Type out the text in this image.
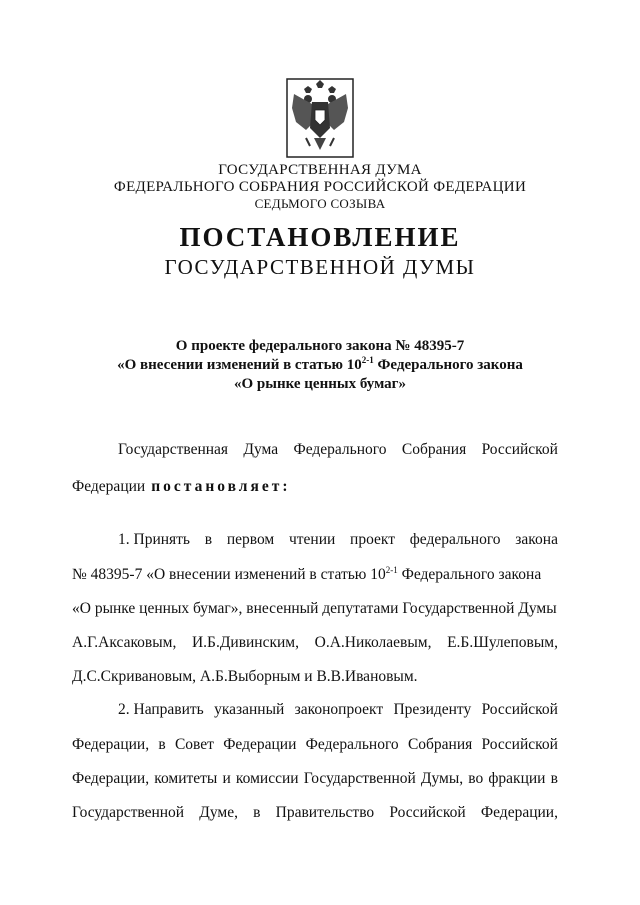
ГОСУДАРСТВЕННАЯ ДУМА
ФЕДЕРАЛЬНОГО СОБРАНИЯ РОССИЙСКОЙ ФЕДЕРАЦИИ
СЕДЬМОГО СОЗЫВА
ПОСТАНОВЛЕНИЕ
ГОСУДАРСТВЕННОЙ ДУМЫ
О проекте федерального закона № 48395-7
«О внесении изменений в статью 10$^{2-1}$ Федерального закона
«О рынке ценных бумаг»
Государственная Дума Федерального Собрания Российской
Федерации постановляет:
1. Принять в первом чтении проект федерального закона
№ 48395-7 «О внесении изменений в статью 10$^{2-1}$ Федерального закона
«О рынке ценных бумаг», внесенный депутатами Государственной Думы
А.Г.Аксаковым, И.Б.Дивинским, О.А.Николаевым, Е.Б.Шулеповым,
Д.С.Скривановым, А.Б.Выборным и В.В.Ивановым.
2. Направить указанный законопроект Президенту Российской
Федерации, в Совет Федерации Федерального Собрания Российской
Федерации, комитеты и комиссии Государственной Думы, во фракции в
Государственной Думе, в Правительство Российской Федерации,
